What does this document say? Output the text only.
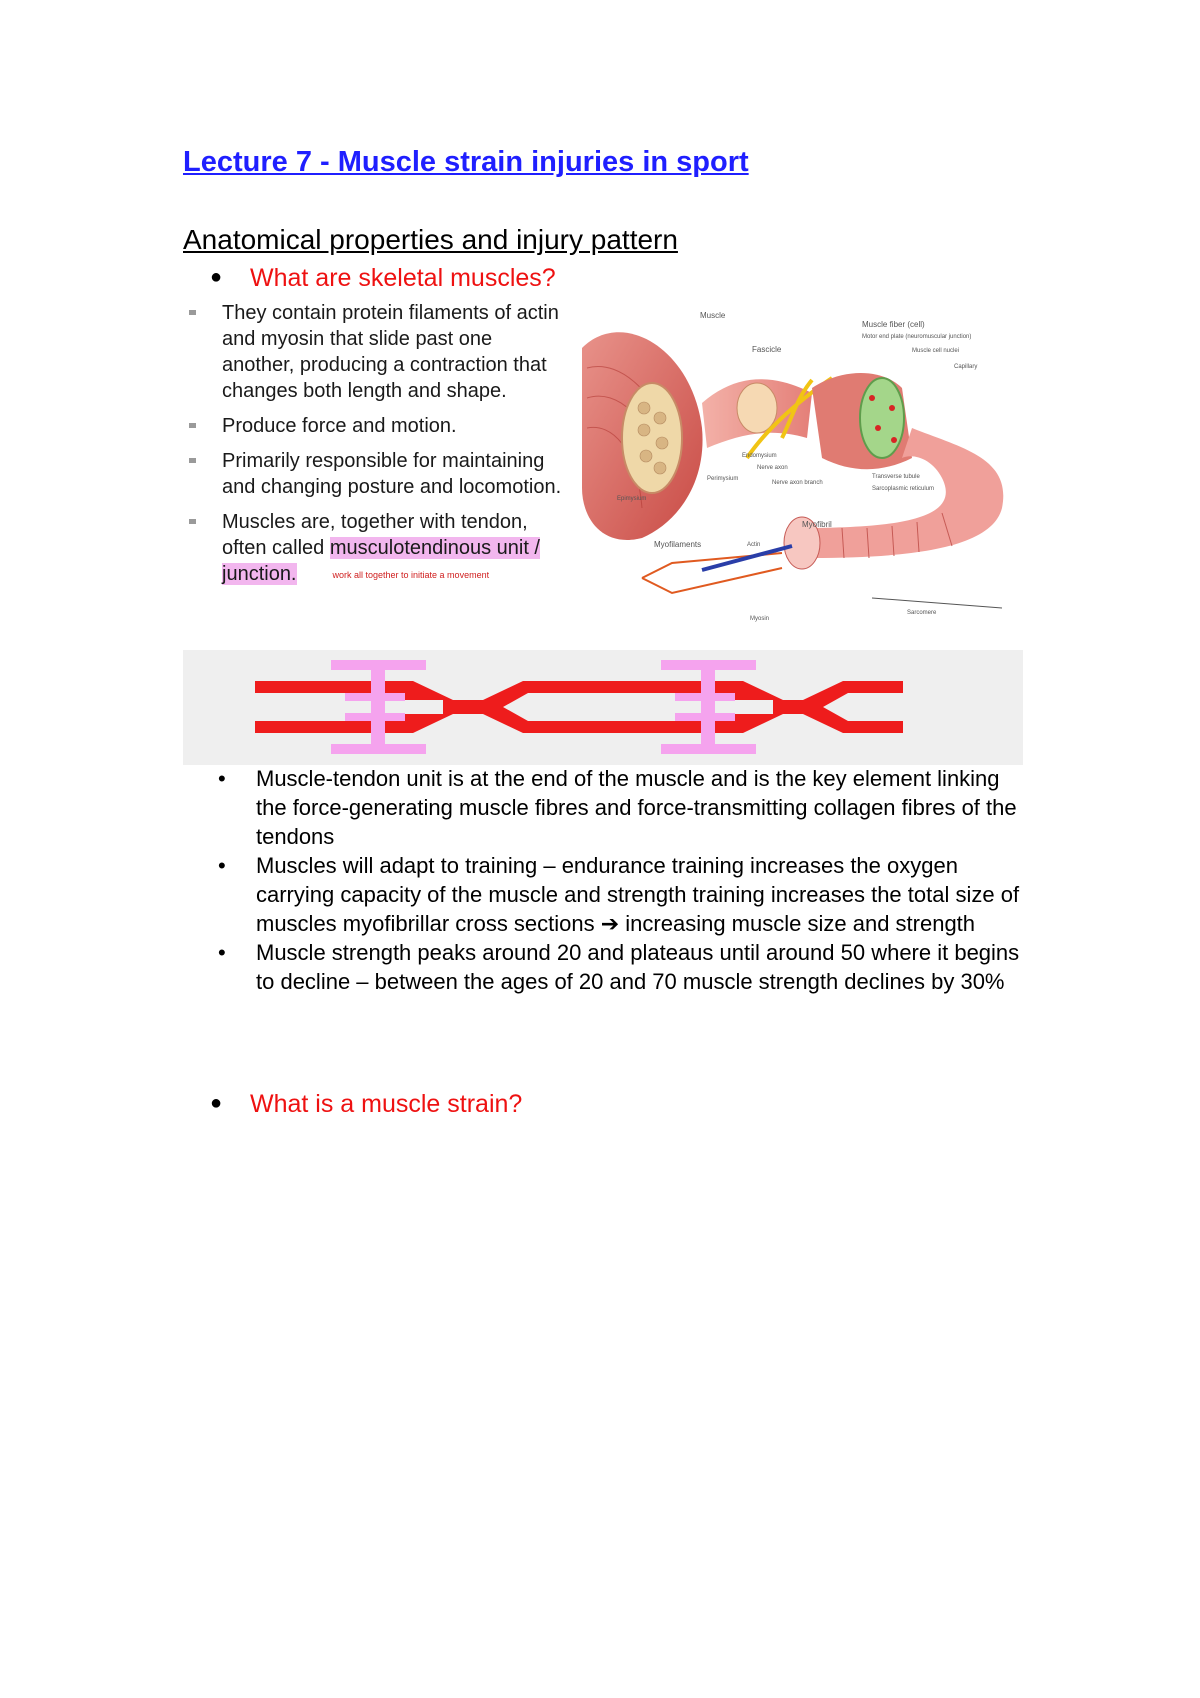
Lecture 7 - Muscle strain injuries in sport
Anatomical properties and injury pattern
● What are skeletal muscles?
They contain protein filaments of actin and myosin that slide past one another, producing a contraction that changes both length and shape.
Produce force and motion.
Primarily responsible for maintaining and changing posture and locomotion.
Muscles are, together with tendon, often called musculotendinous unit / junction.	work all together to initiate a movement
Muscle
Fascicle
Muscle fiber (cell)
Motor end plate (neuromuscular junction)
Muscle cell nuclei
Capillary
Endomysium
Nerve axon
Perimysium
Nerve axon branch
Transverse tubule
Sarcoplasmic reticulum
Epimysium
Myofibril
Myofilaments	Actin
Myosin
Sarcomere
• Muscle-tendon unit is at the end of the muscle and is the key element linking the force-generating muscle fibres and force-transmitting collagen fibres of the tendons
• Muscles will adapt to training – endurance training increases the oxygen carrying capacity of the muscle and strength training increases the total size of muscles myofibrillar cross sections ➔ increasing muscle size and strength
• Muscle strength peaks around 20 and plateaus until around 50 where it begins to decline – between the ages of 20 and 70 muscle strength declines by 30%
● What is a muscle strain?
